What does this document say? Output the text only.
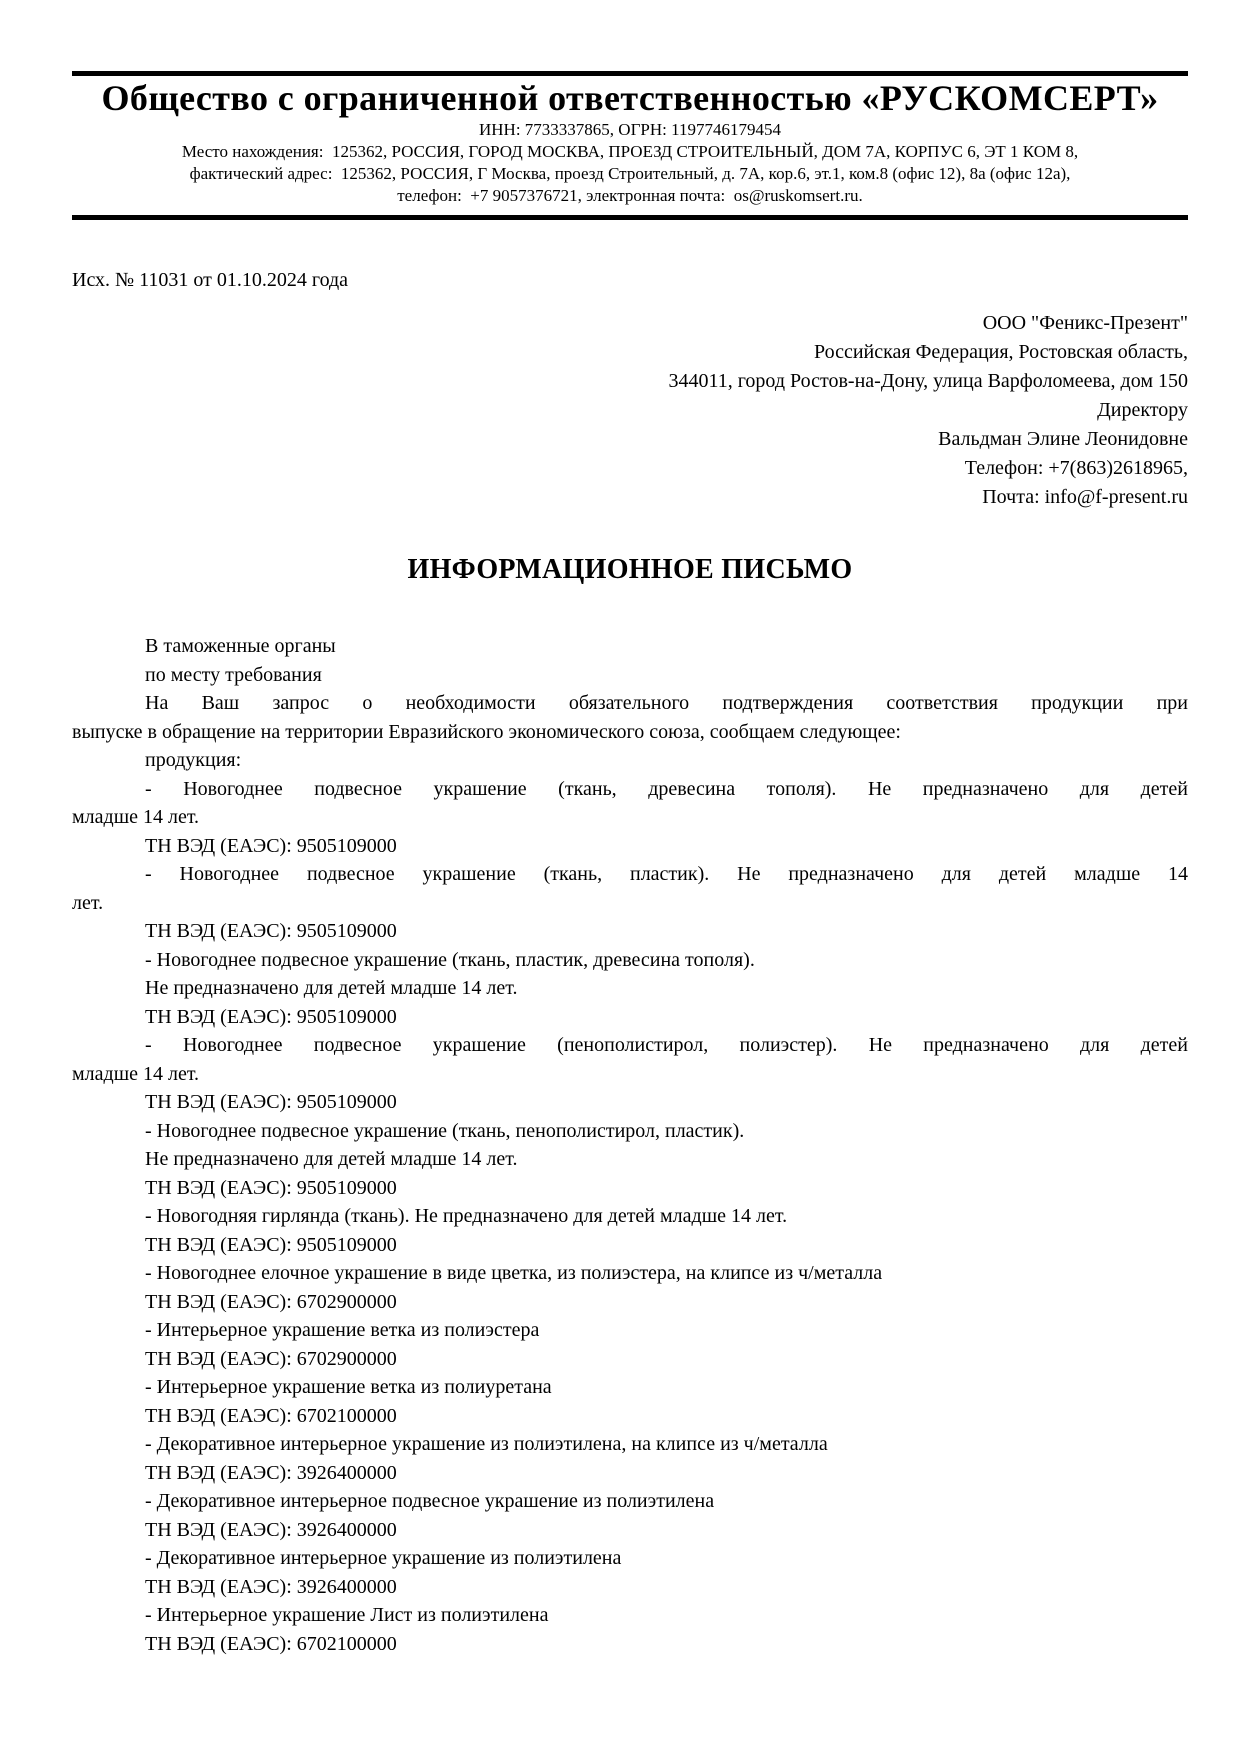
Общество с ограниченной ответственностью «РУСКОМСЕРТ»
ИНН: 7733337865, ОГРН: 1197746179454
Место нахождения:  125362, РОССИЯ, ГОРОД МОСКВА, ПРОЕЗД СТРОИТЕЛЬНЫЙ, ДОМ 7А, КОРПУС 6, ЭТ 1 КОМ 8,
фактический адрес:  125362, РОССИЯ, Г Москва, проезд Строительный, д. 7А, кор.6, эт.1, ком.8 (офис 12), 8а (офис 12а),
телефон:  +7 9057376721, электронная почта:  os@ruskomsert.ru.
Исх. № 11031 от 01.10.2024 года
ООО "Феникс-Презент"
Российская Федерация, Ростовская область,
344011, город Ростов-на-Дону, улица Варфоломеева, дом 150
Директору
Вальдман Элине Леонидовне
Телефон: +7(863)2618965,
Почта: info@f-present.ru
ИНФОРМАЦИОННОЕ ПИСЬМО
В таможенные органы
по месту требования
На Ваш запрос о необходимости обязательного подтверждения соответствия продукции при
выпуске в обращение на территории Евразийского экономического союза, сообщаем следующее:
продукция:
- Новогоднее подвесное украшение (ткань, древесина тополя). Не предназначено для детей
младше 14 лет.
ТН ВЭД (ЕАЭС): 9505109000
- Новогоднее подвесное украшение (ткань, пластик). Не предназначено для детей младше 14
лет.
ТН ВЭД (ЕАЭС): 9505109000
- Новогоднее подвесное украшение (ткань, пластик, древесина тополя).
Не предназначено для детей младше 14 лет.
ТН ВЭД (ЕАЭС): 9505109000
- Новогоднее подвесное украшение (пенополистирол, полиэстер). Не предназначено для детей
младше 14 лет.
ТН ВЭД (ЕАЭС): 9505109000
- Новогоднее подвесное украшение (ткань, пенополистирол, пластик).
Не предназначено для детей младше 14 лет.
ТН ВЭД (ЕАЭС): 9505109000
- Новогодняя гирлянда (ткань). Не предназначено для детей младше 14 лет.
ТН ВЭД (ЕАЭС): 9505109000
- Новогоднее елочное украшение в виде цветка, из полиэстера, на клипсе из ч/металла
ТН ВЭД (ЕАЭС): 6702900000
- Интерьерное украшение ветка из полиэстера
ТН ВЭД (ЕАЭС): 6702900000
- Интерьерное украшение ветка из полиуретана
ТН ВЭД (ЕАЭС): 6702100000
- Декоративное интерьерное украшение из полиэтилена, на клипсе из ч/металла
ТН ВЭД (ЕАЭС): 3926400000
- Декоративное интерьерное подвесное украшение из полиэтилена
ТН ВЭД (ЕАЭС): 3926400000
- Декоративное интерьерное украшение из полиэтилена
ТН ВЭД (ЕАЭС): 3926400000
- Интерьерное украшение Лист из полиэтилена
ТН ВЭД (ЕАЭС): 6702100000
